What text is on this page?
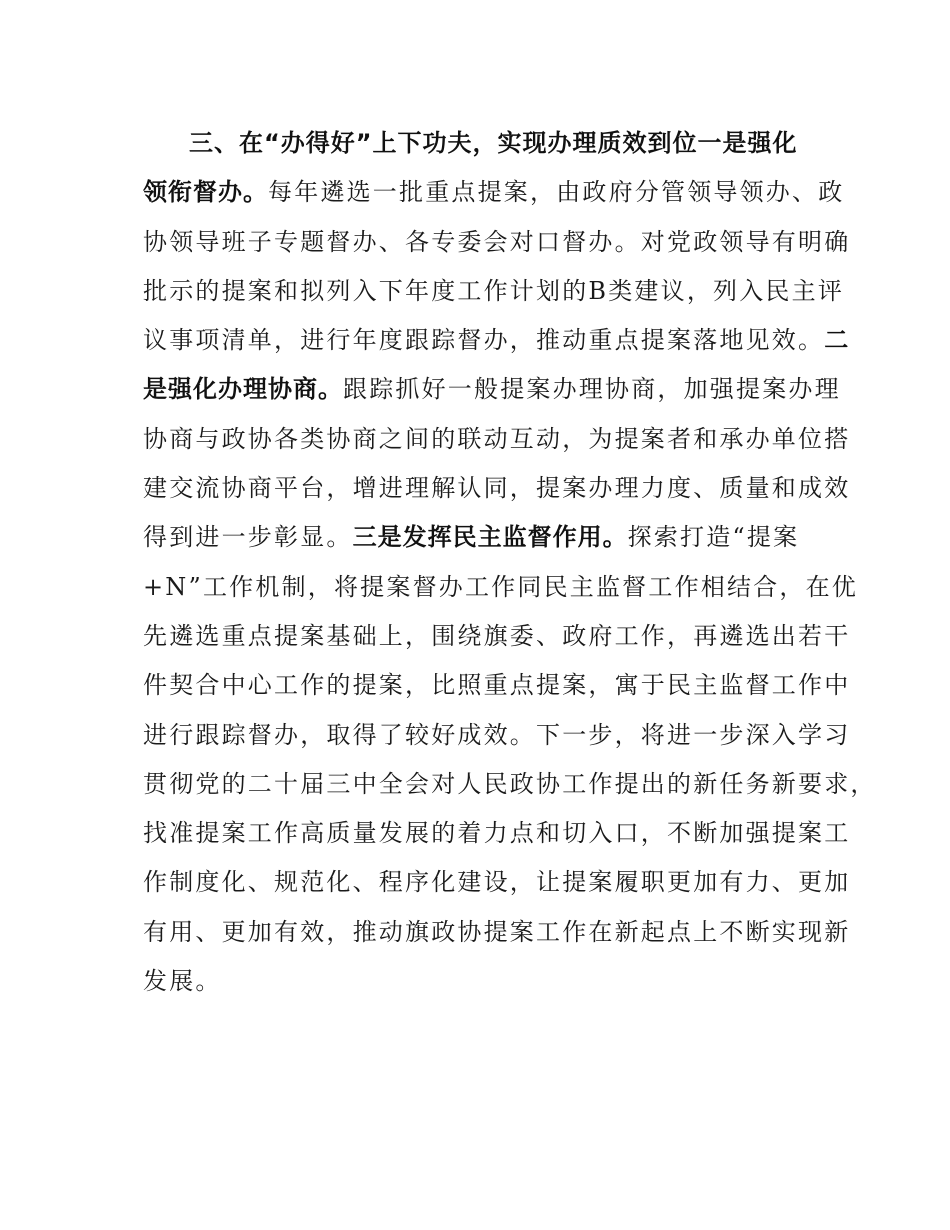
三、在“办得好”上下功夫，实现办理质效到位一是强化
领衔督办。每年遴选一批重点提案，由政府分管领导领办、政
协领导班子专题督办、各专委会对口督办。对党政领导有明确
批示的提案和拟列入下年度工作计划的B类建议，列入民主评
议事项清单，进行年度跟踪督办，推动重点提案落地见效。二
是强化办理协商。跟踪抓好一般提案办理协商，加强提案办理
协商与政协各类协商之间的联动互动，为提案者和承办单位搭
建交流协商平台，增进理解认同，提案办理力度、质量和成效
得到进一步彰显。三是发挥民主监督作用。探索打造“提案
+N”工作机制，将提案督办工作同民主监督工作相结合，在优
先遴选重点提案基础上，围绕旗委、政府工作，再遴选出若干
件契合中心工作的提案，比照重点提案，寓于民主监督工作中
进行跟踪督办，取得了较好成效。下一步，将进一步深入学习
贯彻党的二十届三中全会对人民政协工作提出的新任务新要求，
找准提案工作高质量发展的着力点和切入口，不断加强提案工
作制度化、规范化、程序化建设，让提案履职更加有力、更加
有用、更加有效，推动旗政协提案工作在新起点上不断实现新
发展。
